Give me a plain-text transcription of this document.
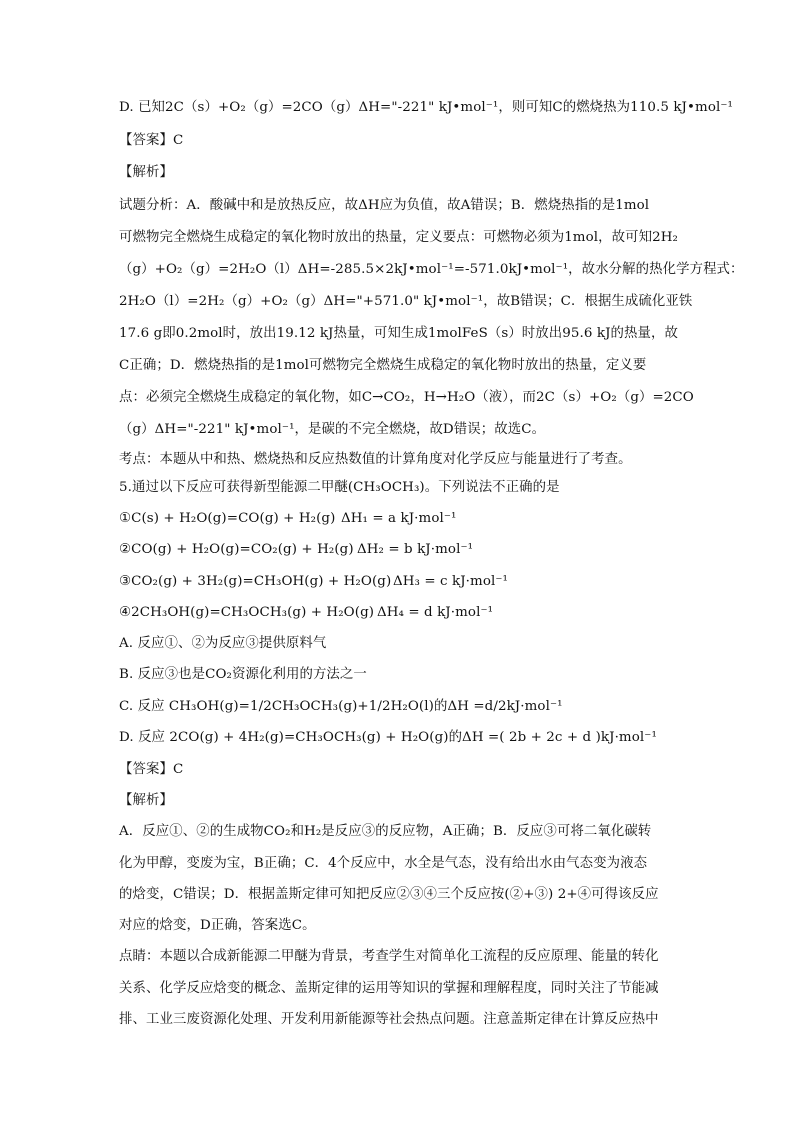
D. 已知2C（s）+O₂（g）=2CO（g）ΔH="-221" kJ•mol⁻¹，则可知C的燃烧热为110.5 kJ•mol⁻¹
【答案】C
【解析】
试题分析：A．酸碱中和是放热反应，故ΔH应为负值，故A错误；B．燃烧热指的是1mol
可燃物完全燃烧生成稳定的氧化物时放出的热量，定义要点：可燃物必须为1mol，故可知2H₂
（g）+O₂（g）=2H₂O（l）ΔH=-285.5×2kJ•mol⁻¹=-571.0kJ•mol⁻¹，故水分解的热化学方程式：
2H₂O（l）=2H₂（g）+O₂（g）ΔH="+571.0" kJ•mol⁻¹，故B错误；C．根据生成硫化亚铁
17.6 g即0.2mol时，放出19.12 kJ热量，可知生成1molFeS（s）时放出95.6 kJ的热量，故
C正确；D．燃烧热指的是1mol可燃物完全燃烧生成稳定的氧化物时放出的热量，定义要
点：必须完全燃烧生成稳定的氧化物，如C→CO₂，H→H₂O（液），而2C（s）+O₂（g）=2CO
（g）ΔH="-221" kJ•mol⁻¹，是碳的不完全燃烧，故D错误；故选C。
考点：本题从中和热、燃烧热和反应热数值的计算角度对化学反应与能量进行了考查。
5.通过以下反应可获得新型能源二甲醚(CH₃OCH₃)。下列说法不正确的是
①C(s) + H₂O(g)=CO(g) + H₂(g) ΔH₁ = a kJ·mol⁻¹
②CO(g) + H₂O(g)=CO₂(g) + H₂(g) ΔH₂ = b kJ·mol⁻¹
③CO₂(g) + 3H₂(g)=CH₃OH(g) + H₂O(g) ΔH₃ = c kJ·mol⁻¹
④2CH₃OH(g)=CH₃OCH₃(g) + H₂O(g) ΔH₄ = d kJ·mol⁻¹
A. 反应①、②为反应③提供原料气
B. 反应③也是CO₂资源化利用的方法之一
C. 反应 CH₃OH(g)=1/2CH₃OCH₃(g)+1/2H₂O(l)的ΔH =d/2kJ·mol⁻¹
D. 反应 2CO(g) + 4H₂(g)=CH₃OCH₃(g) + H₂O(g)的ΔH =( 2b + 2c + d )kJ·mol⁻¹
【答案】C
【解析】
A．反应①、②的生成物CO₂和H₂是反应③的反应物，A正确；B．反应③可将二氧化碳转
化为甲醇，变废为宝，B正确；C．4个反应中，水全是气态，没有给出水由气态变为液态
的焓变，C错误；D．根据盖斯定律可知把反应②③④三个反应按(②+③) 2+④可得该反应
对应的焓变，D正确，答案选C。
点睛：本题以合成新能源二甲醚为背景，考查学生对简单化工流程的反应原理、能量的转化
关系、化学反应焓变的概念、盖斯定律的运用等知识的掌握和理解程度，同时关注了节能减
排、工业三废资源化处理、开发利用新能源等社会热点问题。注意盖斯定律在计算反应热中
